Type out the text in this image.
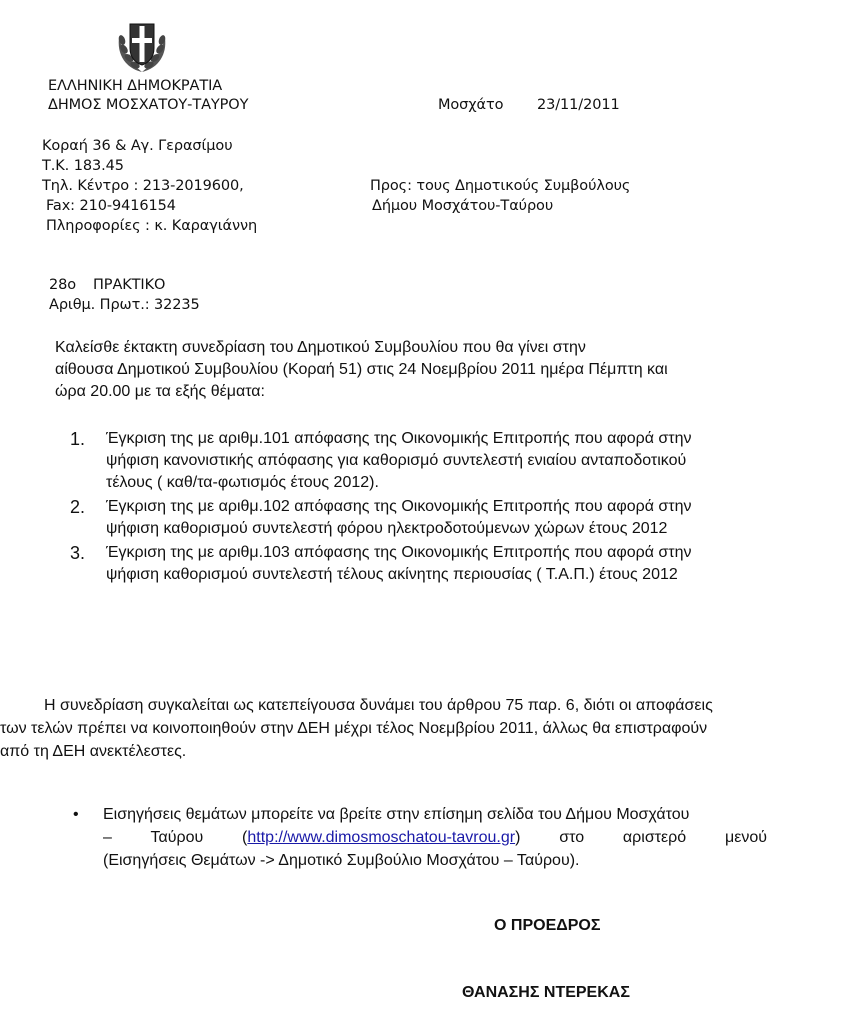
ΕΛΛΗΝΙΚΗ ΔΗΜΟΚΡΑΤΙΑ
ΔΗΜΟΣ ΜΟΣΧΑΤΟΥ-ΤΑΥΡΟΥ	Μοσχάτο 23/11/2011
Κοραή 36 & Αγ. Γερασίμου
Τ.Κ. 183.45
Τηλ. Κέντρο : 213-2019600,
Fax: 210-9416154
Πληροφορίες : κ. Καραγιάννη
Προς: τους Δημοτικούς Συμβούλους
Δήμου Μοσχάτου-Ταύρου
28ο ΠΡΑΚΤΙΚΟ
Αριθμ. Πρωτ.: 32235
Καλείσθε έκτακτη συνεδρίαση του Δημοτικού Συμβουλίου που θα γίνει στην
αίθουσα Δημοτικού Συμβουλίου (Κοραή 51) στις 24 Νοεμβρίου 2011 ημέρα Πέμπτη και
ώρα 20.00 με τα εξής θέματα:
1. Έγκριση της με αριθμ.101 απόφασης της Οικονομικής Επιτροπής που αφορά στην
ψήφιση κανονιστικής απόφασης για καθορισμό συντελεστή ενιαίου ανταποδοτικού
τέλους ( καθ/τα-φωτισμός έτους 2012).
2. Έγκριση της με αριθμ.102 απόφασης της Οικονομικής Επιτροπής που αφορά στην
ψήφιση καθορισμού συντελεστή φόρου ηλεκτροδοτούμενων χώρων έτους 2012
3. Έγκριση της με αριθμ.103 απόφασης της Οικονομικής Επιτροπής που αφορά στην
ψήφιση καθορισμού συντελεστή τέλους ακίνητης περιουσίας ( Τ.Α.Π.) έτους 2012
Η συνεδρίαση συγκαλείται ως κατεπείγουσα δυνάμει του άρθρου 75 παρ. 6, διότι οι αποφάσεις
των τελών πρέπει να κοινοποιηθούν στην ΔΕΗ μέχρι τέλος Νοεμβρίου 2011, άλλως θα επιστραφούν
από τη ΔΕΗ ανεκτέλεστες.
• Εισηγήσεις θεμάτων μπορείτε να βρείτε στην επίσημη σελίδα του Δήμου Μοσχάτου
– Ταύρου (http://www.dimosmoschatou-tavrou.gr) στο αριστερό μενού
(Εισηγήσεις Θεμάτων -> Δημοτικό Συμβούλιο Μοσχάτου – Ταύρου).
Ο ΠΡΟΕΔΡΟΣ
ΘΑΝΑΣΗΣ ΝΤΕΡΕΚΑΣ
